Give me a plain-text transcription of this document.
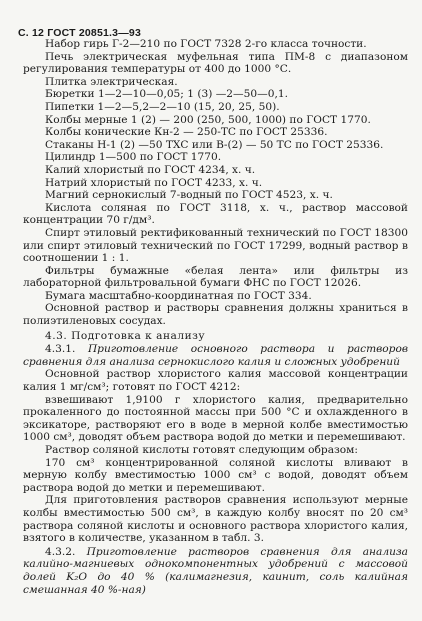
С. 12 ГОСТ 20851.3—93

Набор гирь Г-2—210 по ГОСТ 7328 2-го класса точности.

Печь электрическая муфельная типа ПМ-8 с диапазоном регулирования температуры от 400 до 1000 °С.

Плитка электрическая.

Бюретки 1—2—10—0,05; 1 (3) —2—50—0,1.

Пипетки 1—2—5,2—2—10 (15, 20, 25, 50).

Колбы мерные 1 (2) — 200 (250, 500, 1000) по ГОСТ 1770.

Колбы конические Кн-2 — 250-ТС по ГОСТ 25336.

Стаканы Н-1 (2) —50 ТХС или В-(2) — 50 ТС по ГОСТ 25336.

Цилиндр 1—500 по ГОСТ 1770.

Калий хлористый по ГОСТ 4234, х. ч.

Натрий хлористый по ГОСТ 4233, х. ч.

Магний сернокислый 7-водный по ГОСТ 4523, х. ч.

Кислота соляная по ГОСТ 3118, х. ч., раствор массовой концентрации 70 г/дм³.

Спирт этиловый ректификованный технический по ГОСТ 18300 или спирт этиловый технический по ГОСТ 17299, водный раствор в соотношении 1 : 1.

Фильтры бумажные «белая лента» или фильтры из лабораторной фильтровальной бумаги ФНС по ГОСТ 12026.

Бумага масштабно-координатная по ГОСТ 334.

Основной раствор и растворы сравнения должны храниться в полиэтиленовых сосудах.

4.3. Подготовка к анализу

4.3.1. Приготовление основного раствора и растворов сравнения для анализа сернокислого калия и сложных удобрений

Основной раствор хлористого калия массовой концентрации калия 1 мг/см³; готовят по ГОСТ 4212:

взвешивают 1,9100 г хлористого калия, предварительно прокаленного до постоянной массы при 500 °С и охлажденного в эксикаторе, растворяют его в воде в мерной колбе вместимостью 1000 см³, доводят объем раствора водой до метки и перемешивают.

Раствор соляной кислоты готовят следующим образом:

170 см³ концентрированной соляной кислоты вливают в мерную колбу вместимостью 1000 см³ с водой, доводят объем раствора водой до метки и перемешивают.

Для приготовления растворов сравнения используют мерные колбы вместимостью 500 см³, в каждую колбу вносят по 20 см³ раствора соляной кислоты и основного раствора хлористого калия, взятого в количестве, указанном в табл. 3.

4.3.2. Приготовление растворов сравнения для анализа калийно-магниевых однокомпонентных удобрений с массовой долей K₂O до 40 % (калимагнезия, каинит, соль калийная смешанная 40 %-ная)
